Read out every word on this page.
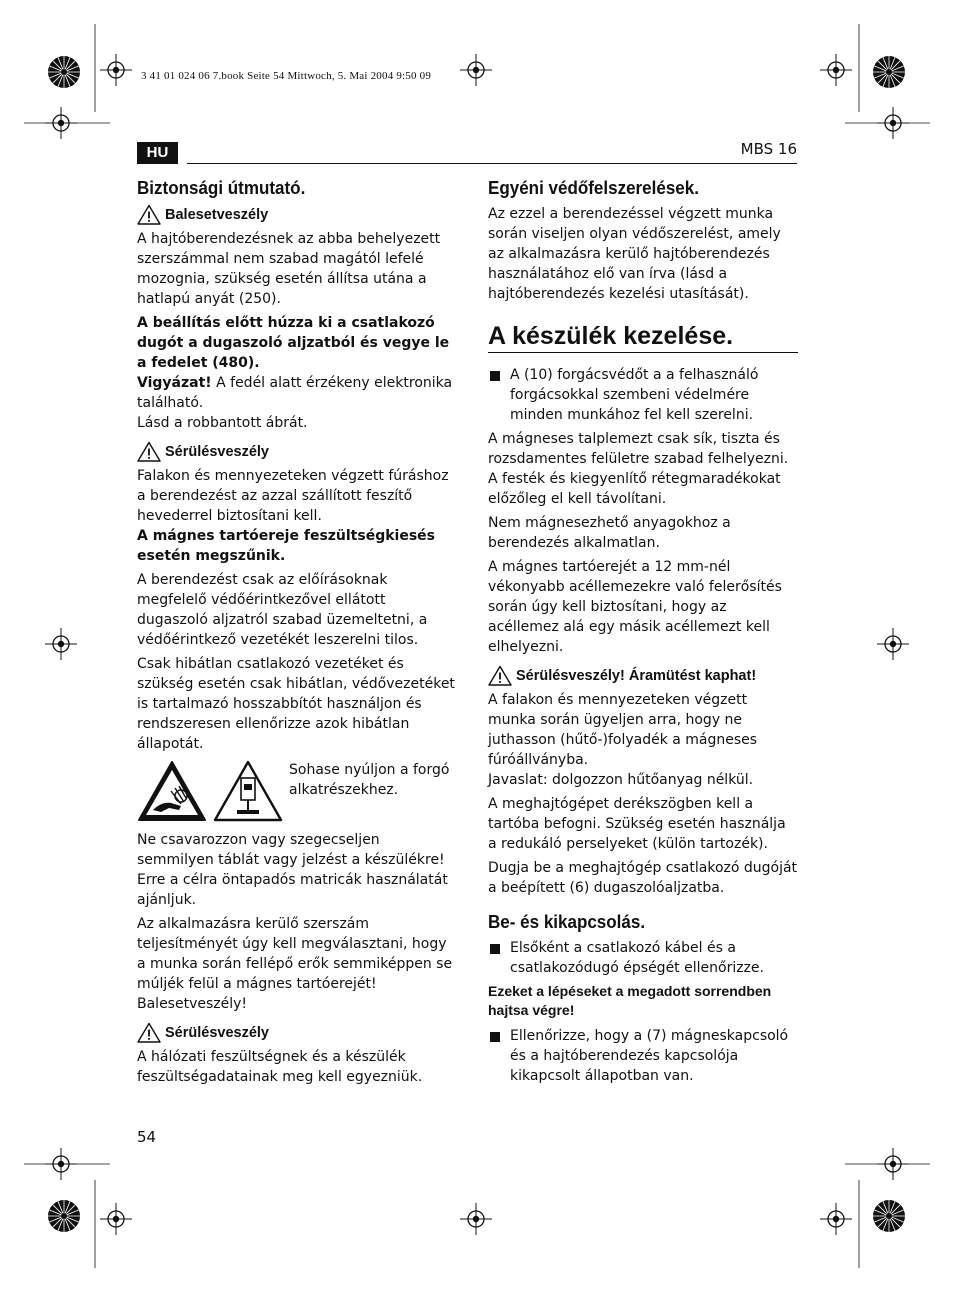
3 41 01 024 06 7.book Seite 54 Mittwoch, 5. Mai 2004 9:50 09
HU	MBS 16
Biztonsági útmutató.
Balesetveszély

A hajtóberendezésnek az abba behelyezett szerszámmal nem szabad magától lefelé mozognia, szükség esetén állítsa utána a hatlapú anyát (250).

A beállítás előtt húzza ki a csatlakozó dugót a dugaszoló aljzatból és vegye le a fedelet (480).

Vigyázat! A fedél alatt érzékeny elektronika található.

Lásd a robbantott ábrát.

Sérülésveszély

Falakon és mennyezeteken végzett fúráshoz a berendezést az azzal szállított feszítő hevederrel biztosítani kell.

A mágnes tartóereje feszültségkiesés esetén megszűnik.

A berendezést csak az előírásoknak megfelelő védőérintkezővel ellátott dugaszoló aljzatról szabad üzemeltetni, a védőérintkező vezetékét leszerelni tilos.

Csak hibátlan csatlakozó vezetéket és szükség esetén csak hibátlan, védővezetéket is tartalmazó hosszabbítót használjon és rendszeresen ellenőrizze azok hibátlan állapotát.

Sohase nyúljon a forgó alkatrészekhez.

Ne csavarozzon vagy szegecseljen semmilyen táblát vagy jelzést a készülékre! Erre a célra öntapadós matricák használatát ajánljuk.

Az alkalmazásra kerülő szerszám teljesítményét úgy kell megválasztani, hogy a munka során fellépő erők semmiképpen se múljék felül a mágnes tartóerejét! Balesetveszély!

Sérülésveszély

A hálózati feszültségnek és a készülék feszültségadatainak meg kell egyezniük.

Egyéni védőfelszerelések.

Az ezzel a berendezéssel végzett munka során viseljen olyan védőszerelést, amely az alkalmazásra kerülő hajtóberendezés használatához elő van írva (lásd a hajtóberendezés kezelési utasítását).

A készülék kezelése.
A (10) forgácsvédőt a a felhasználó forgácsokkal szembeni védelmére minden munkához fel kell szerelni.

A mágneses talplemezt csak sík, tiszta és rozsdamentes felületre szabad felhelyezni. A festék és kiegyenlítő rétegmaradékokat előzőleg el kell távolítani.

Nem mágnesezhető anyagokhoz a berendezés alkalmatlan.

A mágnes tartóerejét a 12 mm-nél vékonyabb acéllemezekre való felerősítés során úgy kell biztosítani, hogy az acéllemez alá egy másik acéllemezt kell elhelyezni.

Sérülésveszély! Áramütést kaphat!

A falakon és mennyezeteken végzett munka során ügyeljen arra, hogy ne juthasson (hűtő-)folyadék a mágneses fúróállványba.

Javaslat: dolgozzon hűtőanyag nélkül.

A meghajtógépet derékszögben kell a tartóba befogni. Szükség esetén használja a redukáló perselyeket (külön tartozék).

Dugja be a meghajtógép csatlakozó dugóját a beépített (6) dugaszolóaljzatba.

Be- és kikapcsolás.
Elsőként a csatlakozó kábel és a csatlakozódugó épségét ellenőrizze.
Ezeket a lépéseket a megadott sorrendben hajtsa végre!
Ellenőrizze, hogy a (7) mágneskapcsoló és a hajtóberendezés kapcsolója kikapcsolt állapotban van.
54
